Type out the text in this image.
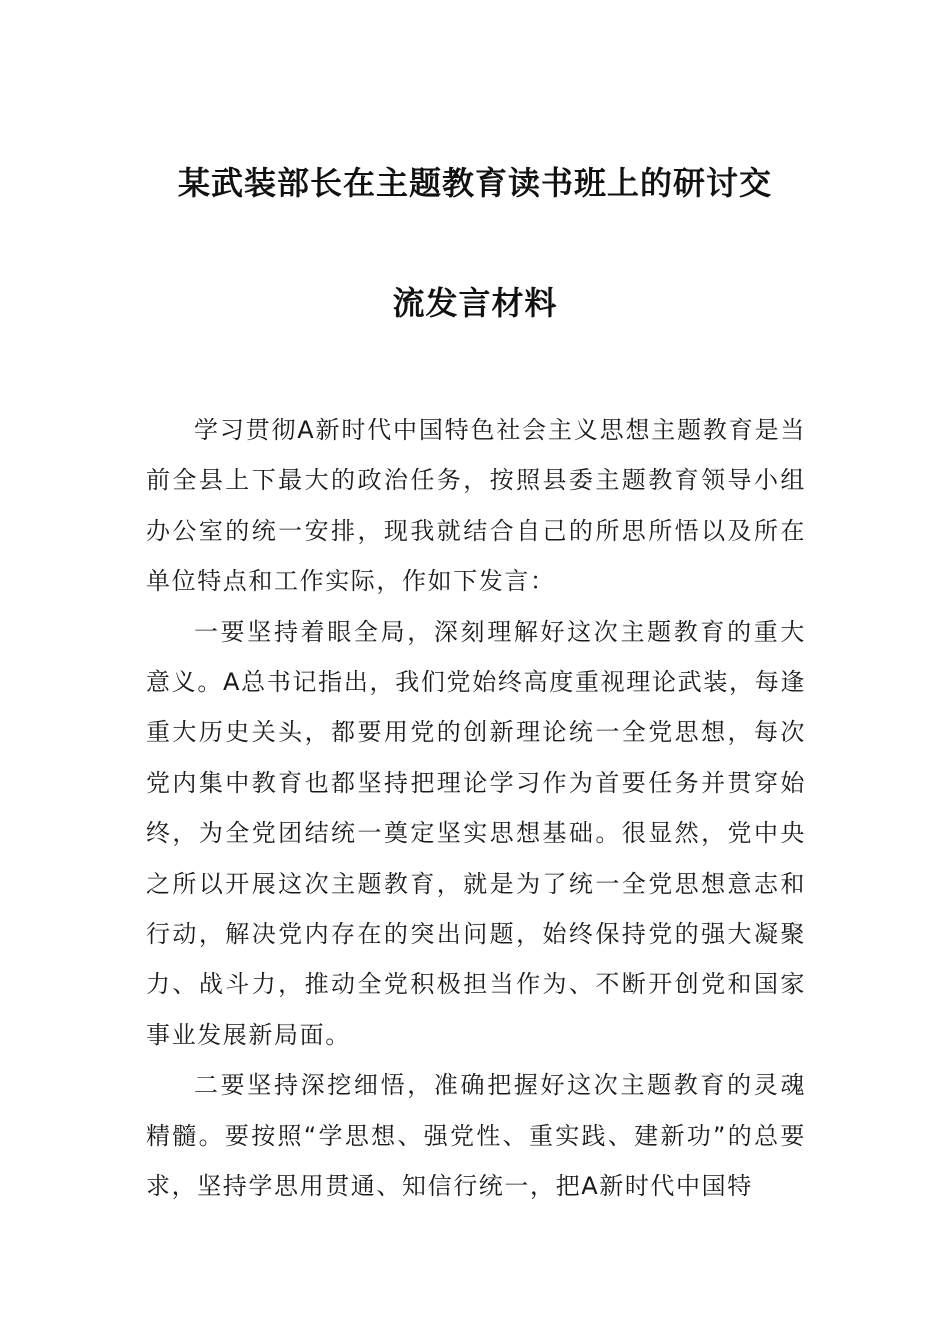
某武装部长在主题教育读书班上的研讨交
流发言材料

学习贯彻A新时代中国特色社会主义思想主题教育是当前全县上下最大的政治任务，按照县委主题教育领导小组办公室的统一安排，现我就结合自己的所思所悟以及所在单位特点和工作实际，作如下发言：

一要坚持着眼全局，深刻理解好这次主题教育的重大意义。A总书记指出，我们党始终高度重视理论武装，每逢重大历史关头，都要用党的创新理论统一全党思想，每次党内集中教育也都坚持把理论学习作为首要任务并贯穿始终，为全党团结统一奠定坚实思想基础。很显然，党中央之所以开展这次主题教育，就是为了统一全党思想意志和行动，解决党内存在的突出问题，始终保持党的强大凝聚力、战斗力，推动全党积极担当作为、不断开创党和国家事业发展新局面。

二要坚持深挖细悟，准确把握好这次主题教育的灵魂精髓。要按照“学思想、强党性、重实践、建新功”的总要求，坚持学思用贯通、知信行统一，把A新时代中国特
